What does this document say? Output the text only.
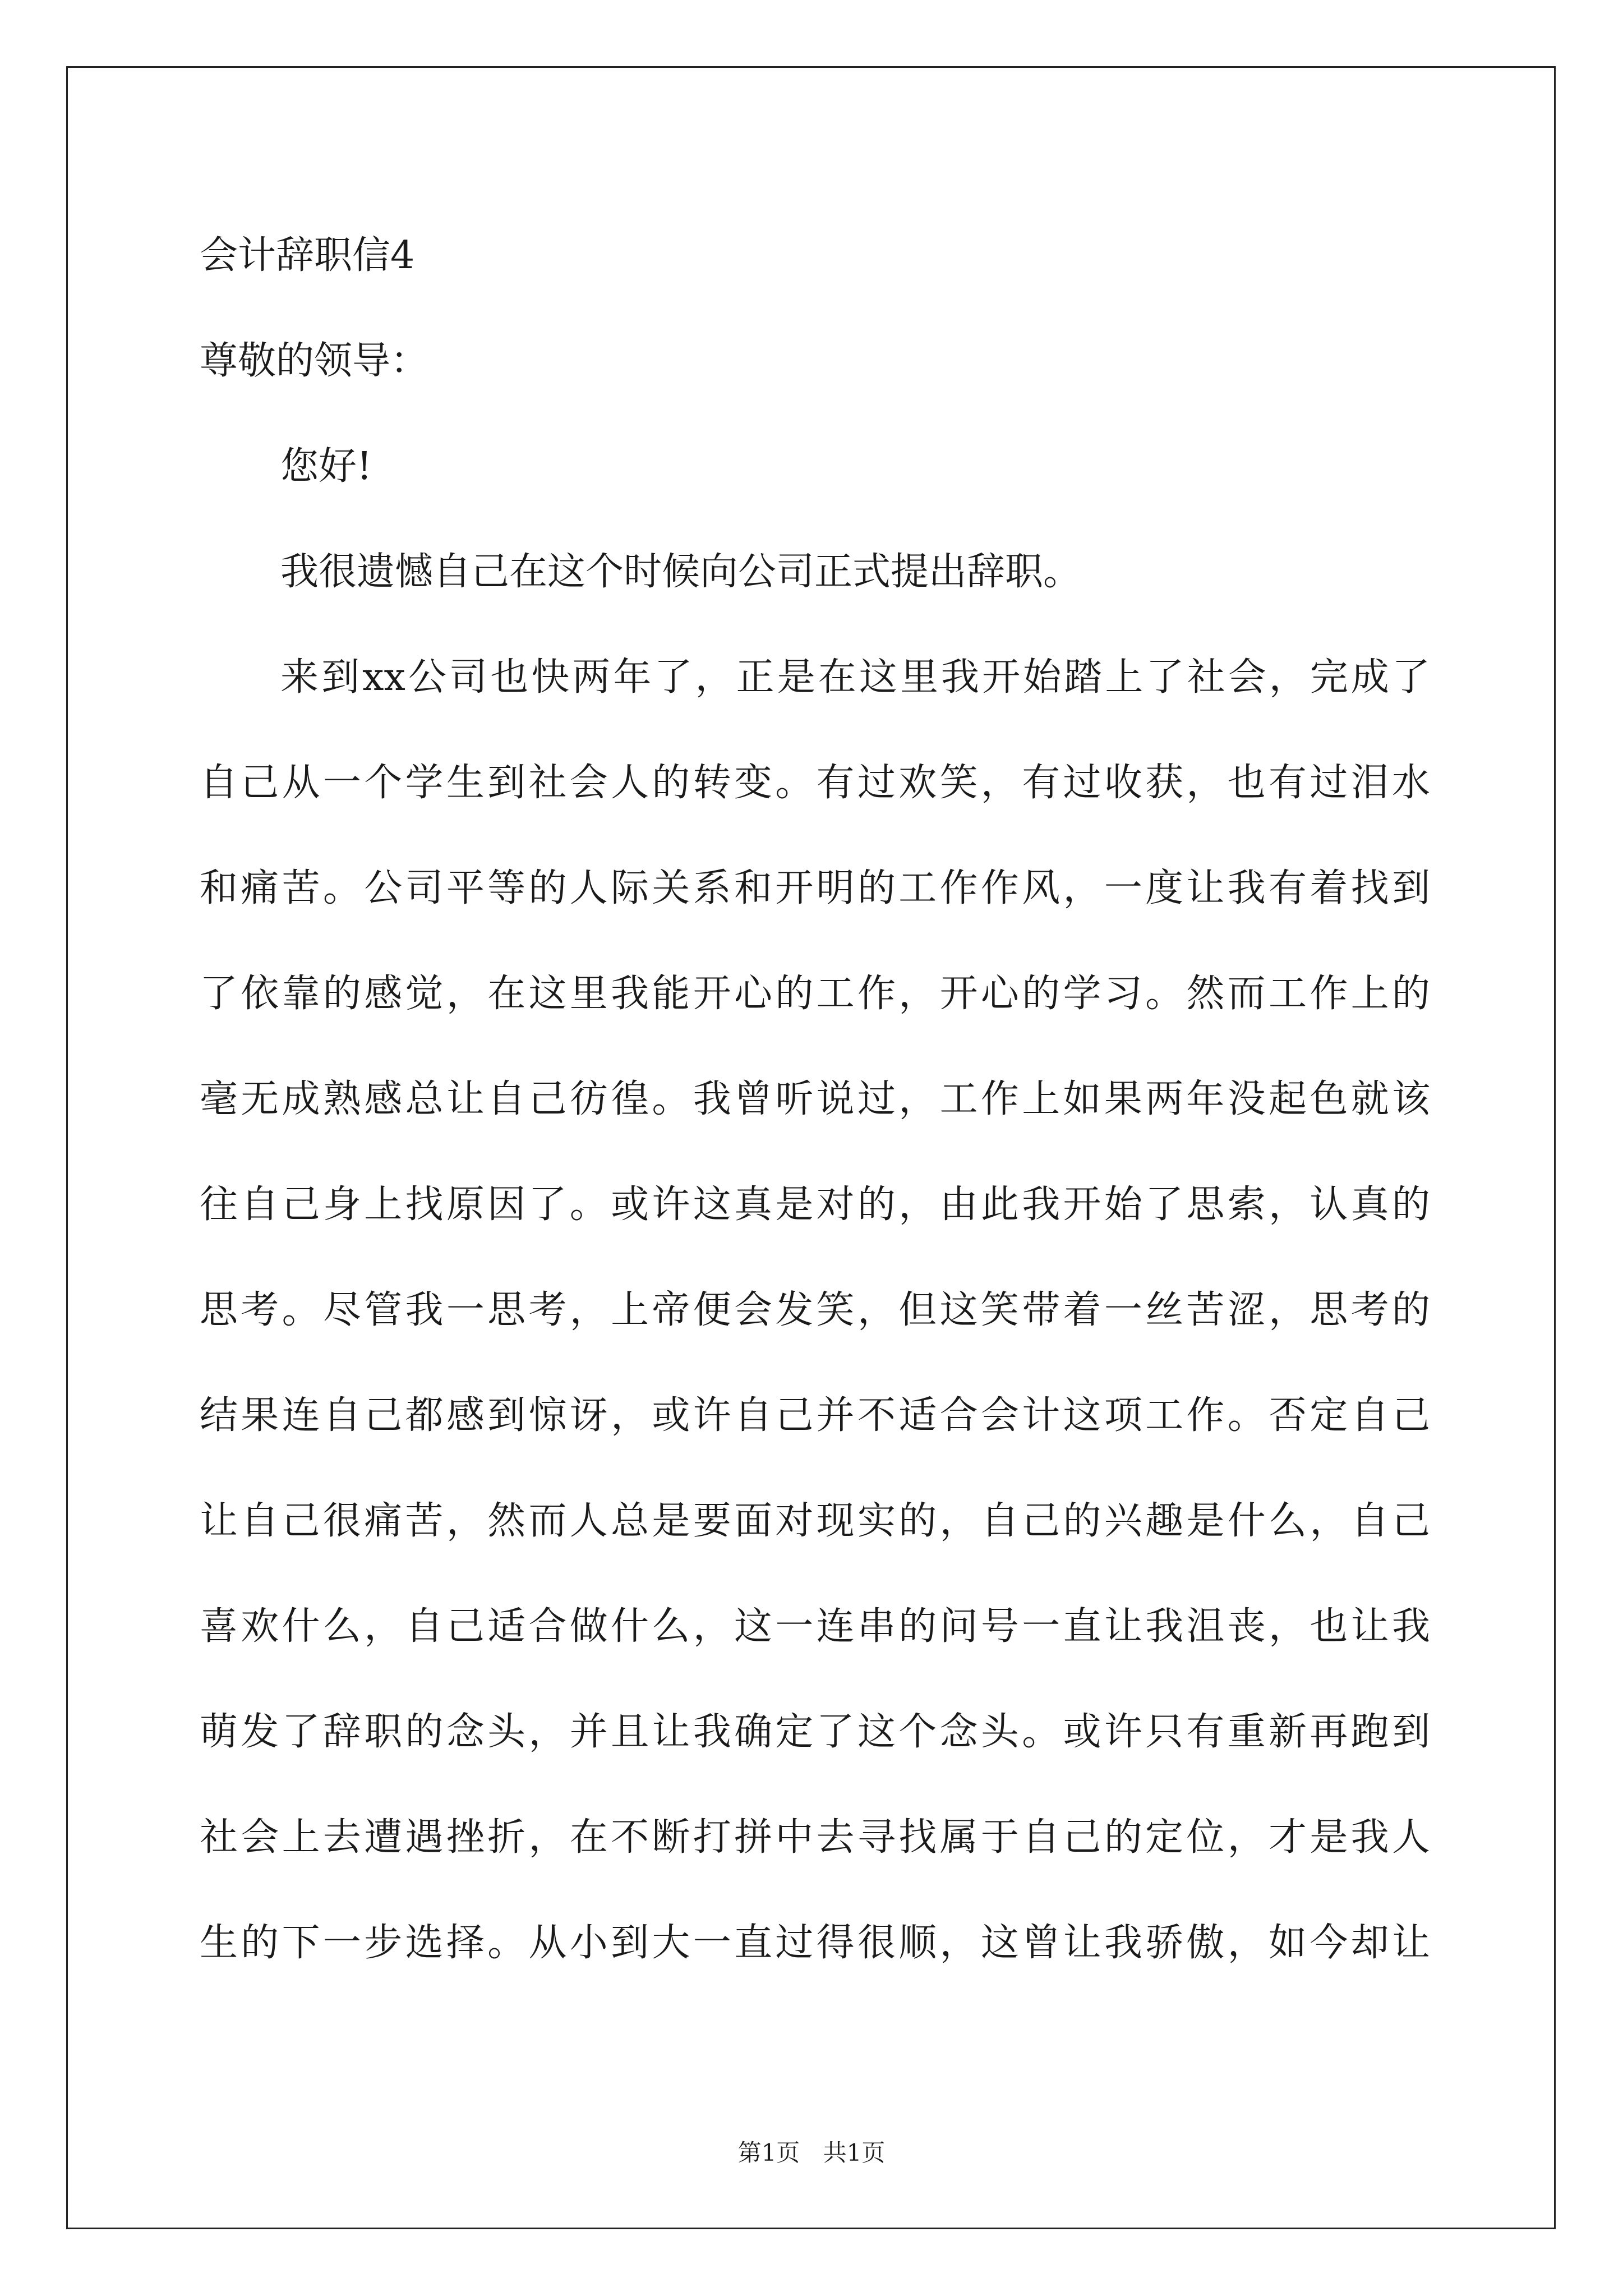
会计辞职信4
尊敬的领导：
您好!
我很遗憾自己在这个时候向公司正式提出辞职。
来到xx公司也快两年了，正是在这里我开始踏上了社会，完成了
自己从一个学生到社会人的转变。有过欢笑，有过收获，也有过泪水
和痛苦。公司平等的人际关系和开明的工作作风，一度让我有着找到
了依靠的感觉，在这里我能开心的工作，开心的学习。然而工作上的
毫无成熟感总让自己彷徨。我曾听说过，工作上如果两年没起色就该
往自己身上找原因了。或许这真是对的，由此我开始了思索，认真的
思考。尽管我一思考，上帝便会发笑，但这笑带着一丝苦涩，思考的
结果连自己都感到惊讶，或许自己并不适合会计这项工作。否定自己
让自己很痛苦，然而人总是要面对现实的，自己的兴趣是什么，自己
喜欢什么，自己适合做什么，这一连串的问号一直让我沮丧，也让我
萌发了辞职的念头，并且让我确定了这个念头。或许只有重新再跑到
社会上去遭遇挫折，在不断打拼中去寻找属于自己的定位，才是我人
生的下一步选择。从小到大一直过得很顺，这曾让我骄傲，如今却让
第1页 共1页
